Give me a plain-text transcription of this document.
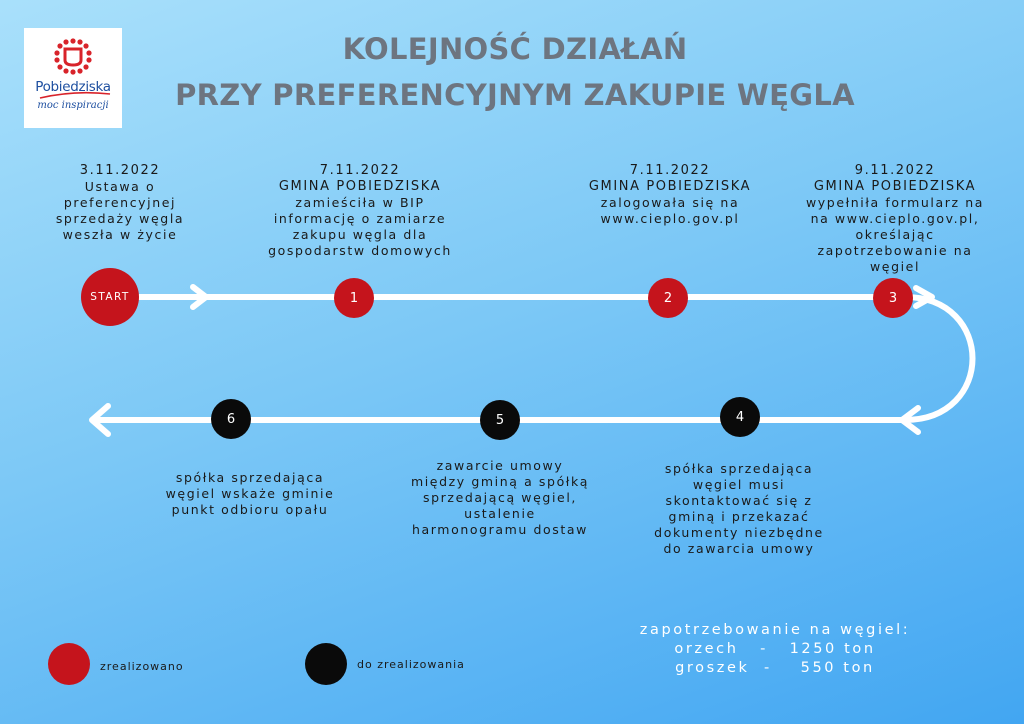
Pobiedziska
moc inspiracji
KOLEJNOŚĆ DZIAŁAŃ
PRZY PREFERENCYJNYM ZAKUPIE WĘGLA
3.11.2022
Ustawa o
preferencyjnej
sprzedaży węgla
weszła w życie
7.11.2022
GMINA POBIEDZISKA
zamieściła w BIP
informację o zamiarze
zakupu węgla dla
gospodarstw domowych
7.11.2022
GMINA POBIEDZISKA
zalogowała się na
www.cieplo.gov.pl
9.11.2022
GMINA POBIEDZISKA
wypełniła formularz na
na www.cieplo.gov.pl,
określając
zapotrzebowanie na
węgiel
spółka sprzedająca
węgiel musi
skontaktować się z
gminą i przekazać
dokumenty niezbędne
do zawarcia umowy
zawarcie umowy
między gminą a spółką
sprzedającą węgiel,
ustalenie
harmonogramu dostaw
spółka sprzedająca
węgiel wskaże gminie
punkt odbioru opału
START	1	2	3
4
5
6
zrealizowano	do zrealizowania
zapotrzebowanie na węgiel:
orzech   -   1250 ton
groszek  -    550 ton
